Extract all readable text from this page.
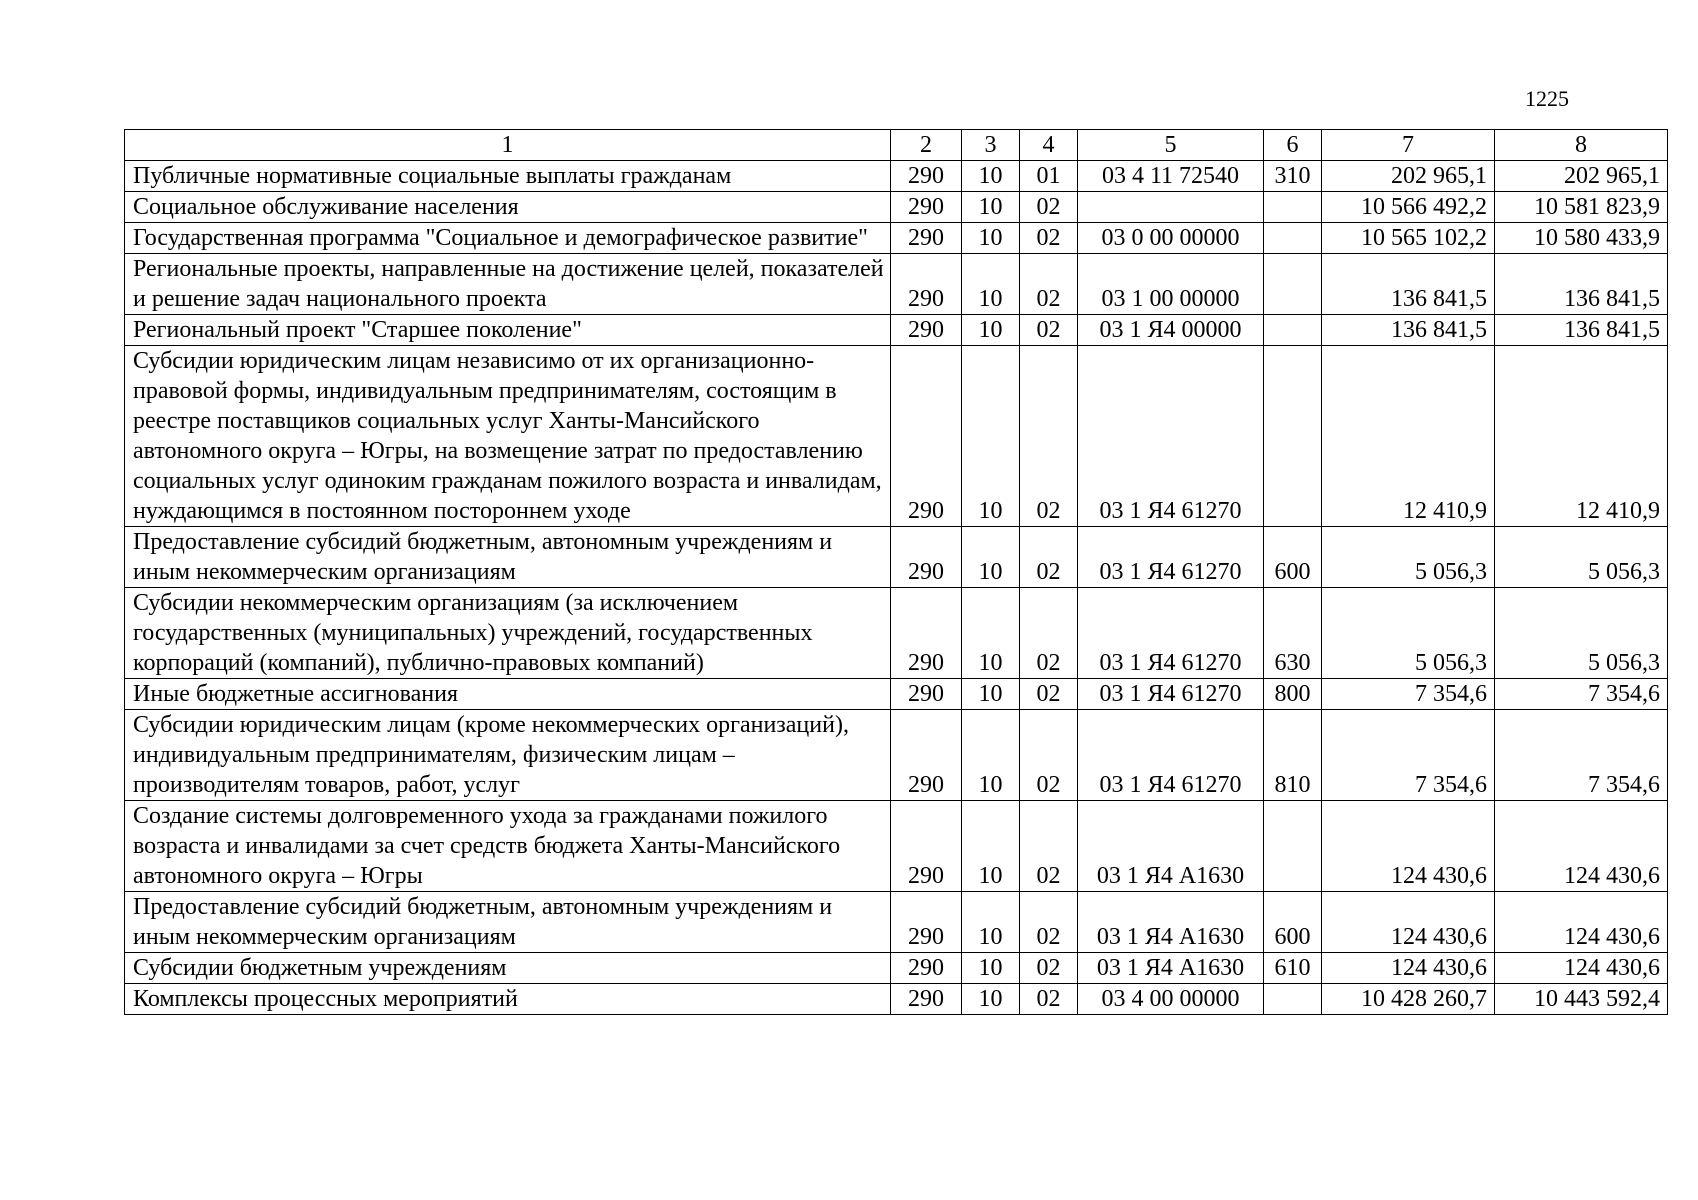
1225
1	2	3	4	5	6	7	8
Публичные нормативные социальные выплаты гражданам	290	10	01	03 4 11 72540	310	202 965,1	202 965,1
Социальное обслуживание населения	290	10	02			10 566 492,2	10 581 823,9
Государственная программа "Социальное и демографическое развитие"	290	10	02	03 0 00 00000		10 565 102,2	10 580 433,9
Региональные проекты, направленные на достижение целей, показателей и решение задач национального проекта	290	10	02	03 1 00 00000		136 841,5	136 841,5
Региональный проект "Старшее поколение"	290	10	02	03 1 Я4 00000		136 841,5	136 841,5
Субсидии юридическим лицам независимо от их организационно-правовой формы, индивидуальным предпринимателям, состоящим в реестре поставщиков социальных услуг Ханты-Мансийского автономного округа – Югры, на возмещение затрат по предоставлению социальных услуг одиноким гражданам пожилого возраста и инвалидам, нуждающимся в постоянном постороннем уходе	290	10	02	03 1 Я4 61270		12 410,9	12 410,9
Предоставление субсидий бюджетным, автономным учреждениям и иным некоммерческим организациям	290	10	02	03 1 Я4 61270	600	5 056,3	5 056,3
Субсидии некоммерческим организациям (за исключением государственных (муниципальных) учреждений, государственных корпораций (компаний), публично-правовых компаний)	290	10	02	03 1 Я4 61270	630	5 056,3	5 056,3
Иные бюджетные ассигнования	290	10	02	03 1 Я4 61270	800	7 354,6	7 354,6
Субсидии юридическим лицам (кроме некоммерческих организаций), индивидуальным предпринимателям, физическим лицам – производителям товаров, работ, услуг	290	10	02	03 1 Я4 61270	810	7 354,6	7 354,6
Создание системы долговременного ухода за гражданами пожилого возраста и инвалидами за счет средств бюджета Ханты-Мансийского автономного округа – Югры	290	10	02	03 1 Я4 А1630		124 430,6	124 430,6
Предоставление субсидий бюджетным, автономным учреждениям и иным некоммерческим организациям	290	10	02	03 1 Я4 А1630	600	124 430,6	124 430,6
Субсидии бюджетным учреждениям	290	10	02	03 1 Я4 А1630	610	124 430,6	124 430,6
Комплексы процессных мероприятий	290	10	02	03 4 00 00000		10 428 260,7	10 443 592,4
